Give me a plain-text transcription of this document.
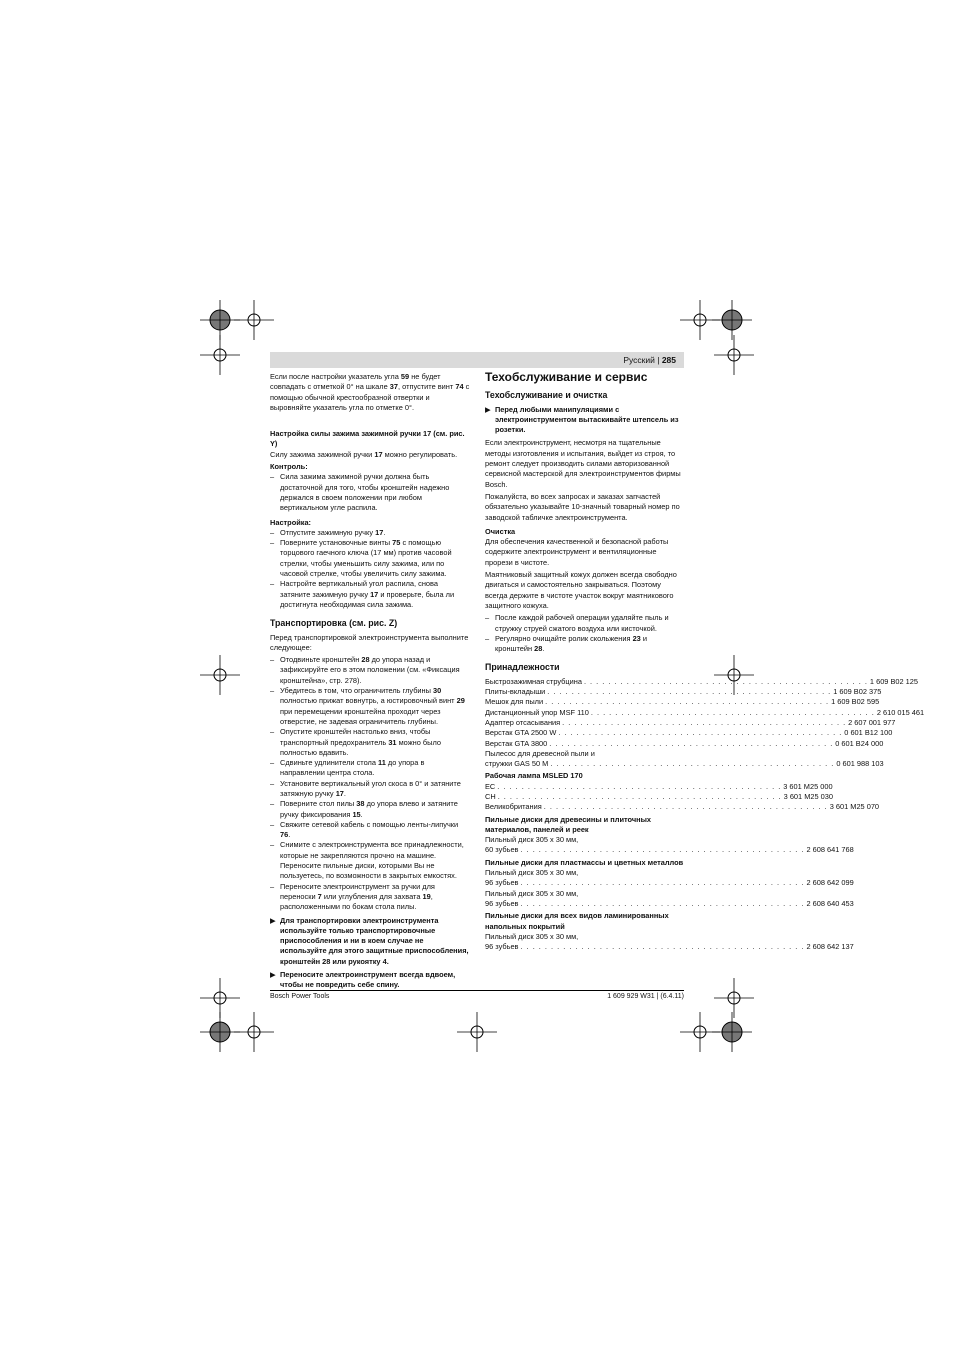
Русский | 285

Если после настройки указатель угла 59 не будет совпадать с отметкой 0° на шкале 37, отпустите винт 74 с помощью обычной крестообразной отвертки и выровняйте указатель угла по отметке 0°.

Настройка силы зажима зажимной ручки 17 (см. рис. Y)

Силу зажима зажимной ручки 17 можно регулировать.

Контроль:

– Сила зажима зажимной ручки должна быть достаточной для того, чтобы кронштейн надежно держался в своем положении при любом вертикальном угле распила.

Настройка:

– Отпустите зажимную ручку 17.
– Поверните установочные винты 75 с помощью торцового гаечного ключа (17 мм) против часовой стрелки, чтобы уменьшить силу зажима, или по часовой стрелке, чтобы увеличить силу зажима.
– Настройте вертикальный угол распила, снова затяните зажимную ручку 17 и проверьте, была ли достигнута необходимая сила зажима.

Транспортировка (см. рис. Z)

Перед транспортировкой электроинструмента выполните следующее:

– Отодвиньте кронштейн 28 до упора назад и зафиксируйте его в этом положении (см. «Фиксация кронштейна», стр. 278).
– Убедитесь в том, что ограничитель глубины 30 полностью прижат вовнутрь, а юстировочный винт 29 при перемещении кронштейна проходит через отверстие, не задевая ограничитель глубины.
– Опустите кронштейн настолько вниз, чтобы транспортный предохранитель 31 можно было полностью вдавить.
– Сдвиньте удлинители стола 11 до упора в направлении центра стола.
– Установите вертикальный угол скоса в 0° и затяните затяжную ручку 17.
– Поверните стол пилы 38 до упора влево и затяните ручку фиксирования 15.
– Свяжите сетевой кабель с помощью ленты-липучки 76.
– Снимите с электроинструмента все принадлежности, которые не закрепляются прочно на машине. Переносите пильные диски, которыми Вы не пользуетесь, по возможности в закрытых емкостях.
– Переносите электроинструмент за ручки для переноски 7 или углубления для захвата 19, расположенными по бокам стола пилы.
▶ Для транспортировки электроинструмента используйте только транспортировочные приспособления и ни в коем случае не используйте для этого защитные приспособления, кронштейн 28 или рукоятку 4.
▶ Переносите электроинструмент всегда вдвоем, чтобы не повредить себе спину.

Техобслуживание и сервис

Техобслуживание и очистка

▶ Перед любыми манипуляциями с электроинструментом вытаскивайте штепсель из розетки.

Если электроинструмент, несмотря на тщательные методы изготовления и испытания, выйдет из строя, то ремонт следует производить силами авторизованной сервисной мастерской для электроинструментов фирмы Bosch.

Пожалуйста, во всех запросах и заказах запчастей обязательно указывайте 10-значный товарный номер по заводской табличке электроинструмента.

Очистка

Для обеспечения качественной и безопасной работы содержите электроинструмент и вентиляционные прорези в чистоте.

Маятниковый защитный кожух должен всегда свободно двигаться и самостоятельно закрываться. Поэтому всегда держите в чистоте участок вокруг маятникового защитного кожуха.

– После каждой рабочей операции удаляйте пыль и стружку струей сжатого воздуха или кисточкой.
– Регулярно очищайте ролик скольжения 23 и кронштейн 28.

Принадлежности

Быстрозажимная струбцина . . . . . . . . . . . . . . . . . . . . . . . . . . . . . . . . . . . . . . . . . . . . . . . 1 609 B02 125
Плиты-вкладыши . . . . . . . . . . . . . . . . . . . . . . . . . . . . . . . . . . . . . . . . . . . . . . . 1 609 B02 375
Мешок для пыли . . . . . . . . . . . . . . . . . . . . . . . . . . . . . . . . . . . . . . . . . . . . . . . 1 609 B02 595
Дистанционный упор MSF 110 . . . . . . . . . . . . . . . . . . . . . . . . . . . . . . . . . . . . . . . . . . . . . . . 2 610 015 461
Адаптер отсасывания . . . . . . . . . . . . . . . . . . . . . . . . . . . . . . . . . . . . . . . . . . . . . . . 2 607 001 977
Верстак GTA 2500 W . . . . . . . . . . . . . . . . . . . . . . . . . . . . . . . . . . . . . . . . . . . . . . . 0 601 B12 100
Верстак GTA 3800 . . . . . . . . . . . . . . . . . . . . . . . . . . . . . . . . . . . . . . . . . . . . . . . 0 601 B24 000
Пылесос для древесной пыли и
стружки GAS 50 M . . . . . . . . . . . . . . . . . . . . . . . . . . . . . . . . . . . . . . . . . . . . . . . 0 601 988 103
Рабочая лампа MSLED 170
EC . . . . . . . . . . . . . . . . . . . . . . . . . . . . . . . . . . . . . . . . . . . . . . . 3 601 M25 000
CH . . . . . . . . . . . . . . . . . . . . . . . . . . . . . . . . . . . . . . . . . . . . . . . 3 601 M25 030
Великобритания . . . . . . . . . . . . . . . . . . . . . . . . . . . . . . . . . . . . . . . . . . . . . . . 3 601 M25 070
Пильные диски для древесины и плиточных материалов, панелей и реек
Пильный диск 305 x 30 мм,
60 зубьев . . . . . . . . . . . . . . . . . . . . . . . . . . . . . . . . . . . . . . . . . . . . . . . 2 608 641 768
Пильные диски для пластмассы и цветных металлов
Пильный диск 305 x 30 мм,
96 зубьев . . . . . . . . . . . . . . . . . . . . . . . . . . . . . . . . . . . . . . . . . . . . . . . 2 608 642 099
Пильный диск 305 x 30 мм,
96 зубьев . . . . . . . . . . . . . . . . . . . . . . . . . . . . . . . . . . . . . . . . . . . . . . . 2 608 640 453
Пильные диски для всех видов ламинированных напольных покрытий
Пильный диск 305 x 30 мм,
96 зубьев . . . . . . . . . . . . . . . . . . . . . . . . . . . . . . . . . . . . . . . . . . . . . . . 2 608 642 137
Bosch Power Tools	1 609 929 W31 | (6.4.11)
